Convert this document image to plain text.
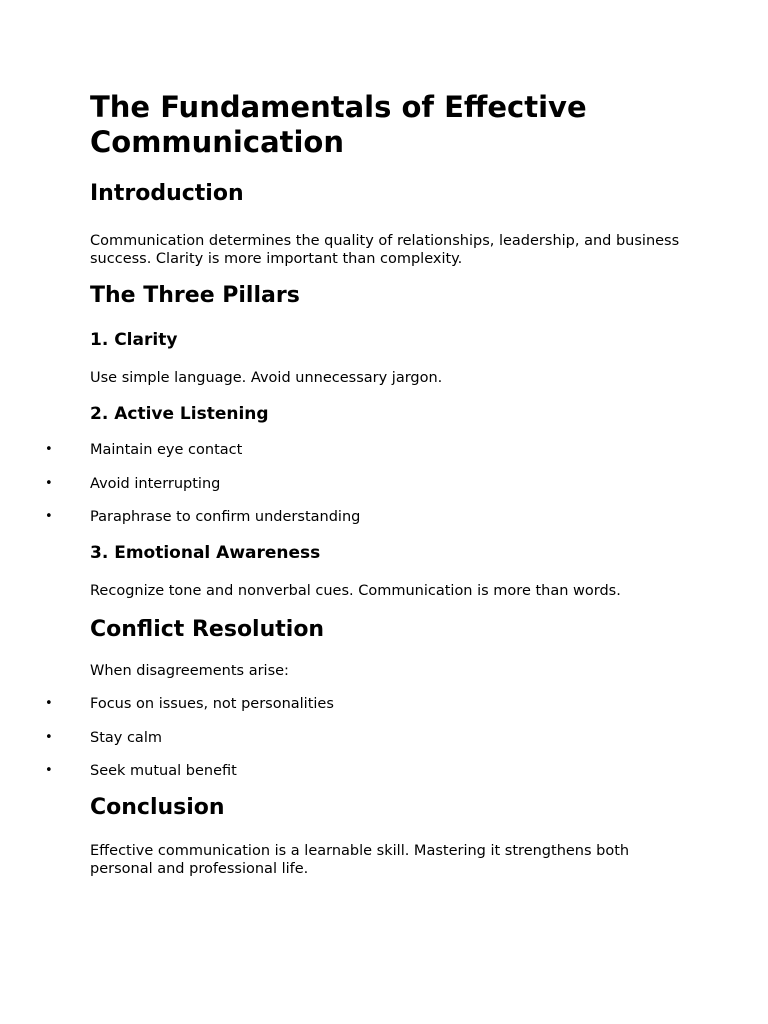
The Fundamentals of Effective Communication
Introduction

Communication determines the quality of relationships, leadership, and business success. Clarity is more important than complexity.

The Three Pillars
1. Clarity

Use simple language. Avoid unnecessary jargon.

2. Active Listening
•	Maintain eye contact
•	Avoid interrupting
•	Paraphrase to confirm understanding
3. Emotional Awareness

Recognize tone and nonverbal cues. Communication is more than words.

Conflict Resolution

When disagreements arise:

•	Focus on issues, not personalities
•	Stay calm
•	Seek mutual benefit
Conclusion

Effective communication is a learnable skill. Mastering it strengthens both personal and professional life.
